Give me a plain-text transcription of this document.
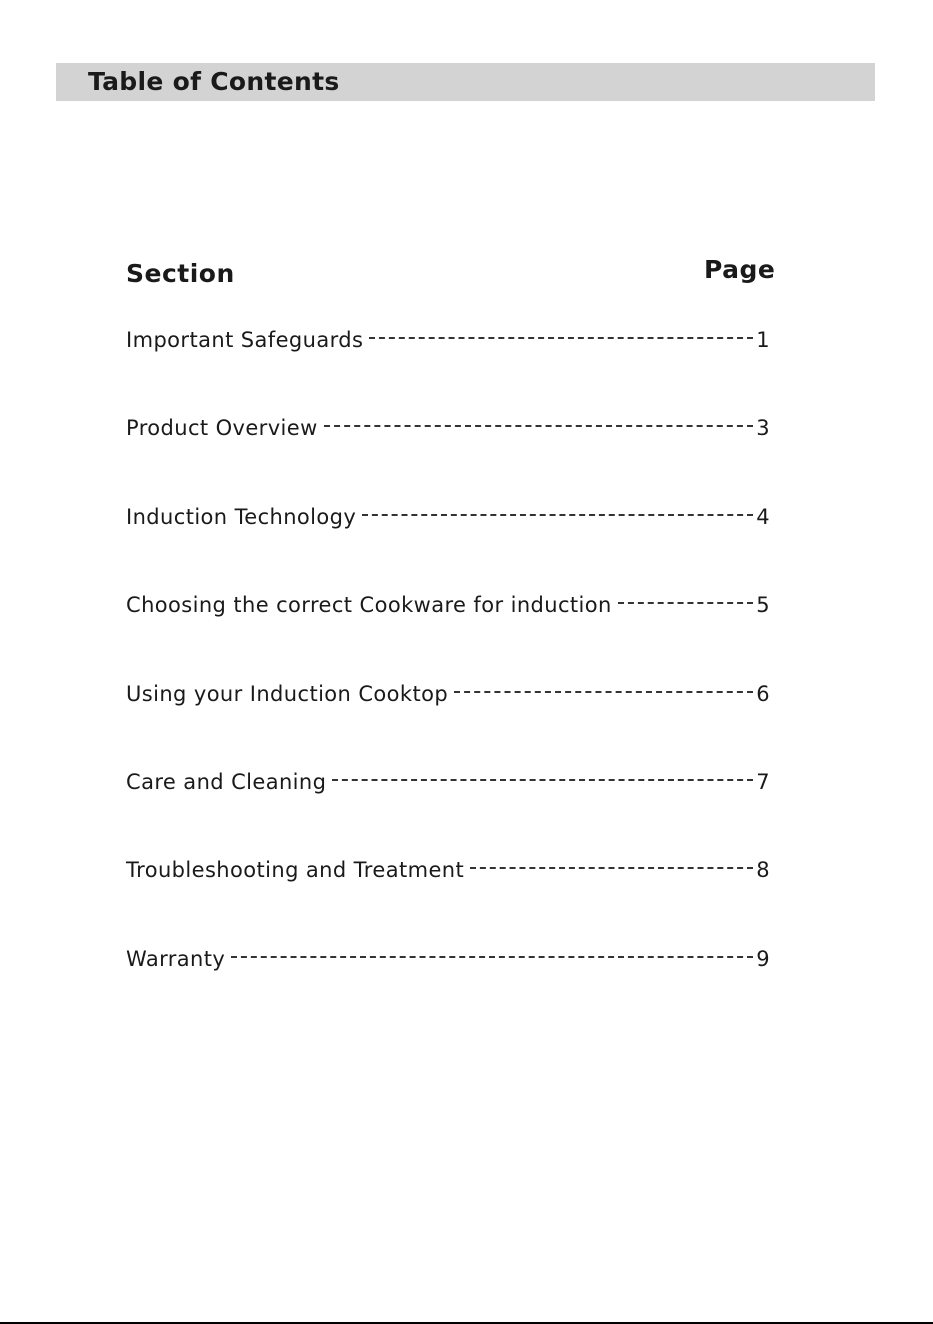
Table of Contents
Section	Page
Important Safeguards	1
Product Overview	3
Induction Technology	4
Choosing the correct Cookware for induction	5
Using your Induction Cooktop	6
Care and Cleaning	7
Troubleshooting and Treatment	8
Warranty	9
